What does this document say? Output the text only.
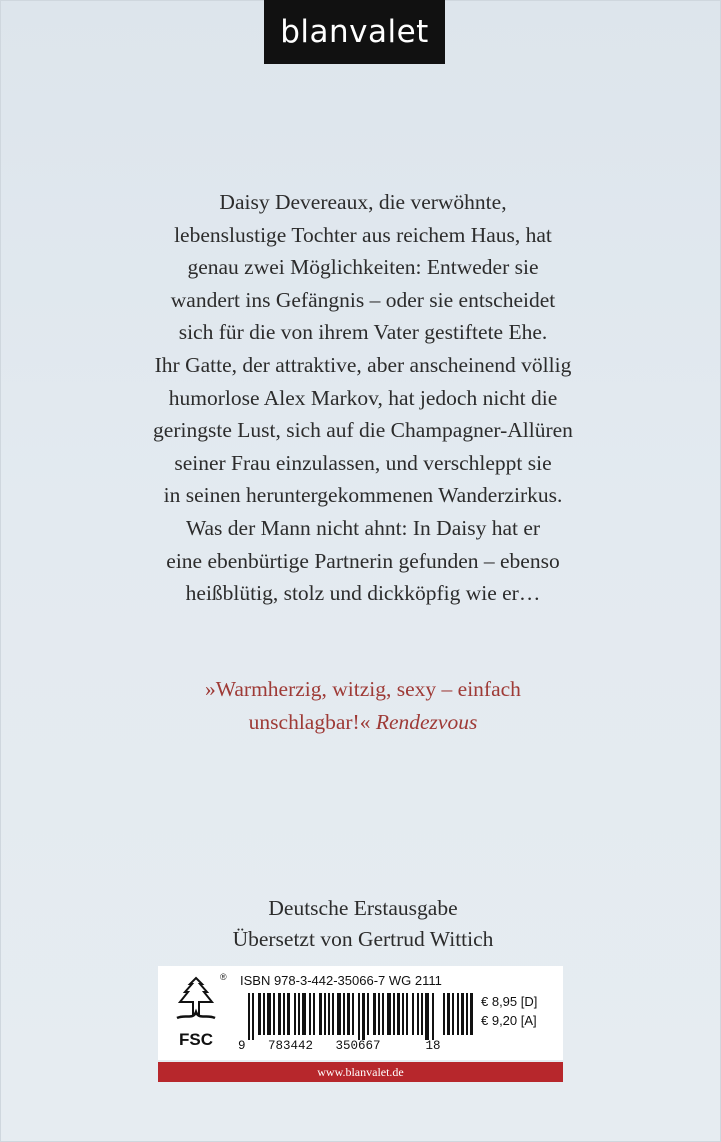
blanvalet
Daisy Devereaux, die verwöhnte,
lebenslustige Tochter aus reichem Haus, hat
genau zwei Möglichkeiten: Entweder sie
wandert ins Gefängnis – oder sie entscheidet
sich für die von ihrem Vater gestiftete Ehe.
Ihr Gatte, der attraktive, aber anscheinend völlig
humorlose Alex Markov, hat jedoch nicht die
geringste Lust, sich auf die Champagner-Allüren
seiner Frau einzulassen, und verschleppt sie
in seinen heruntergekommenen Wanderzirkus.
Was der Mann nicht ahnt: In Daisy hat er
eine ebenbürtige Partnerin gefunden – ebenso
heißblütig, stolz und dickköpfig wie er…
»Warmherzig, witzig, sexy – einfach
unschlagbar!« Rendezvous
Deutsche Erstausgabe
Übersetzt von Gertrud Wittich
FSC
® ISBN 978-3-442-35066-7 WG 2111
9   783442   350667      18
€ 8,95 [D]
€ 9,20 [A]
www.blanvalet.de
